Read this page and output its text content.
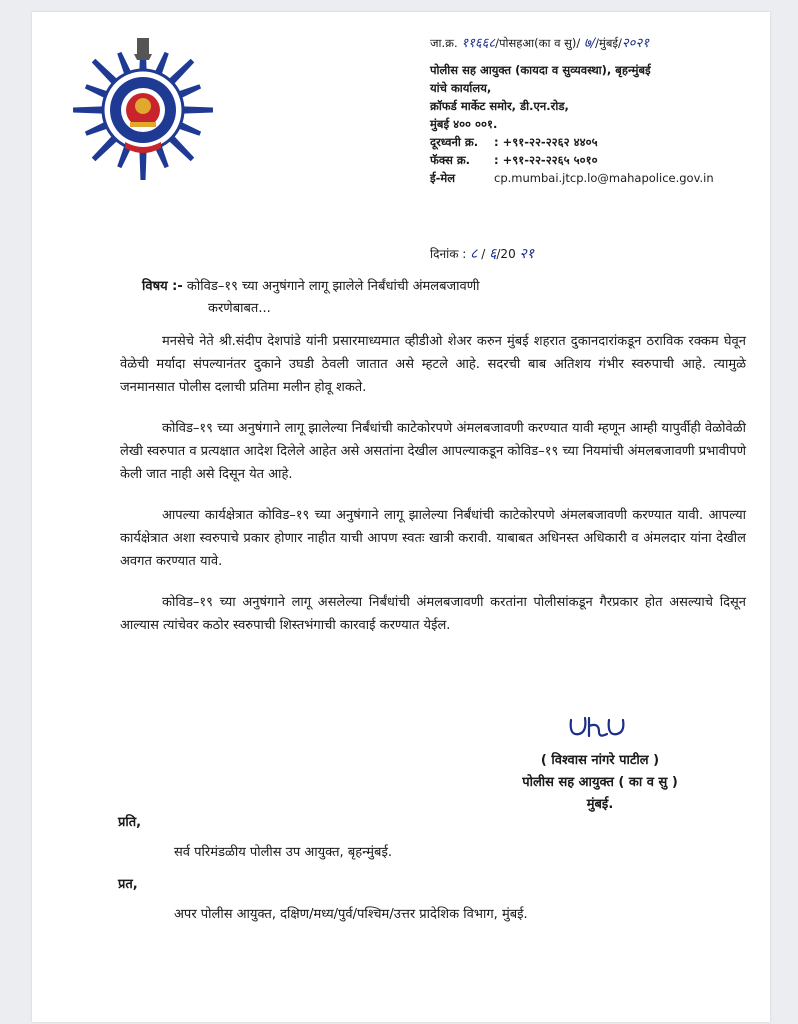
जा.क्र. ११६६८/पोसहआ(का व सु)/ ७//मुंबई/२०२१
पोलीस सह आयुक्त (कायदा व सुव्यवस्था), बृहन्मुंबई
यांचे कार्यालय,
क्रॉफर्ड मार्केट समोर, डी.एन.रोड,
मुंबई ४०० ००१.
दूरध्वनी क्र.	: +९१-२२-२२६२ ४४०५
फॅक्स क्र.	: +९१-२२-२२६५ ५०१०
ई-मेल	cp.mumbai.jtcp.lo@mahapolice.gov.in
दिनांक : ८ / ६/20 २१
विषय :- कोविड–१९ च्या अनुषंगाने लागू झालेले निर्बंधांची अंमलबजावणी
करणेबाबत...

मनसेचे नेते श्री.संदीप देशपांडे यांनी प्रसारमाध्यमात व्हीडीओ शेअर करुन मुंबई शहरात दुकानदारांकडून ठराविक रक्कम घेवून वेळेची मर्यादा संपल्यानंतर दुकाने उघडी ठेवली जातात असे म्हटले आहे. सदरची बाब अतिशय गंभीर स्वरुपाची आहे. त्यामुळे जनमानसात पोलीस दलाची प्रतिमा मलीन होवू शकते.

कोविड–१९ च्या अनुषंगाने लागू झालेल्या निर्बंधांची काटेकोरपणे अंमलबजावणी करण्यात यावी म्हणून आम्ही यापुर्वीही वेळोवेळी लेखी स्वरुपात व प्रत्यक्षात आदेश दिलेले आहेत असे असतांना देखील आपल्याकडून कोविड–१९ च्या नियमांची अंमलबजावणी प्रभावीपणे केली जात नाही असे दिसून येत आहे.

आपल्या कार्यक्षेत्रात कोविड–१९ च्या अनुषंगाने लागू झालेल्या निर्बंधांची काटेकोरपणे अंमलबजावणी करण्यात यावी. आपल्या कार्यक्षेत्रात अशा स्वरुपाचे प्रकार होणार नाहीत याची आपण स्वतः खात्री करावी. याबाबत अधिनस्त अधिकारी व अंमलदार यांना देखील अवगत करण्यात यावे.

कोविड–१९ च्या अनुषंगाने लागू असलेल्या निर्बंधांची अंमलबजावणी करतांना पोलीसांकडून गैरप्रकार होत असल्याचे दिसून आल्यास त्यांचेवर कठोर स्वरुपाची शिस्तभंगाची कारवाई करण्यात येईल.

( विश्वास नांगरे पाटील )
पोलीस सह आयुक्त ( का व सु )
मुंबई.
प्रति,
सर्व परिमंडळीय पोलीस उप आयुक्त, बृहन्मुंबई.
प्रत,
अपर पोलीस आयुक्त, दक्षिण/मध्य/पुर्व/पश्चिम/उत्तर प्रादेशिक विभाग, मुंबई.
